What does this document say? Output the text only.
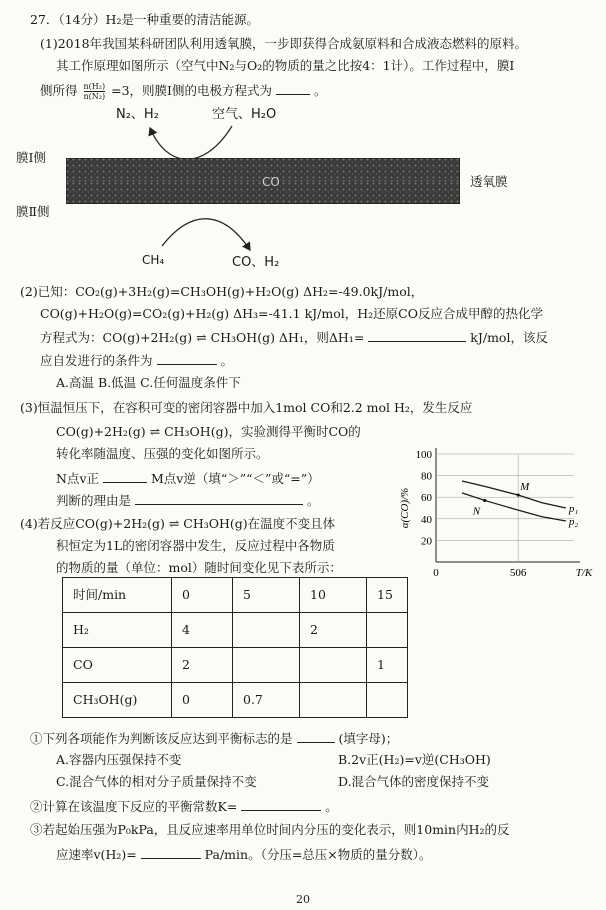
27．（14分）H₂是一种重要的清洁能源。
(1)2018年我国某科研团队利用透氧膜，一步即获得合成氨原料和合成液态燃料的原料。
其工作原理如图所示（空气中N₂与O₂的物质的量之比按4：1计）。工作过程中，膜Ⅰ
侧所得 $\frac{\text{n(H₂)}}{\text{n(N₂)}} =3$，则膜Ⅰ侧的电极方程式为	。
N₂、H₂	空气、H₂O
膜Ⅰ侧
膜Ⅱ侧
透氧膜
CH₄	CO、H₂
CO
(2)已知：CO₂(g)+3H₂(g)=CH₃OH(g)+H₂O(g) ΔH₂=-49.0kJ/mol，
CO(g)+H₂O(g)=CO₂(g)+H₂(g) ΔH₃=-41.1 kJ/mol，H₂还原CO反应合成甲醇的热化学
方程式为：CO(g)+2H₂(g) ⇌ CH₃OH(g) ΔH₁，则ΔH₁=	kJ/mol，该反
应自发进行的条件为	。
A.高温 B.低温 C.任何温度条件下
(3)恒温恒压下，在容积可变的密闭容器中加入1mol CO和2.2 mol H₂，发生反应
CO(g)+2H₂(g) ⇌ CH₃OH(g)，实验测得平衡时CO的
转化率随温度、压强的变化如图所示。
N点v正	M点v逆（填“＞”“＜”或“=”）
判断的理由是	。
(4)若反应CO(g)+2H₂(g) ⇌ CH₃OH(g)在温度不变且体
积恒定为1L的密闭容器中发生，反应过程中各物质
的物质的量（单位：mol）随时间变化见下表所示：
100
80
60
40
20
0	506	T/K
α(CO)/%	p₁
p₂
M
N
时间/min	0	5	10	15
H₂	4		2	
CO	2			1
CH₃OH(g)	0	0.7		
①下列各项能作为判断该反应达到平衡标志的是	(填字母)；
A.容器内压强保持不变	B.2v正(H₂)=v逆(CH₃OH)
C.混合气体的相对分子质量保持不变	D.混合气体的密度保持不变
②计算在该温度下反应的平衡常数K=	。
③若起始压强为P₀kPa，且反应速率用单位时间内分压的变化表示，则10min内H₂的反
应速率v(H₂)=	Pa/min。（分压=总压×物质的量分数）。
20
